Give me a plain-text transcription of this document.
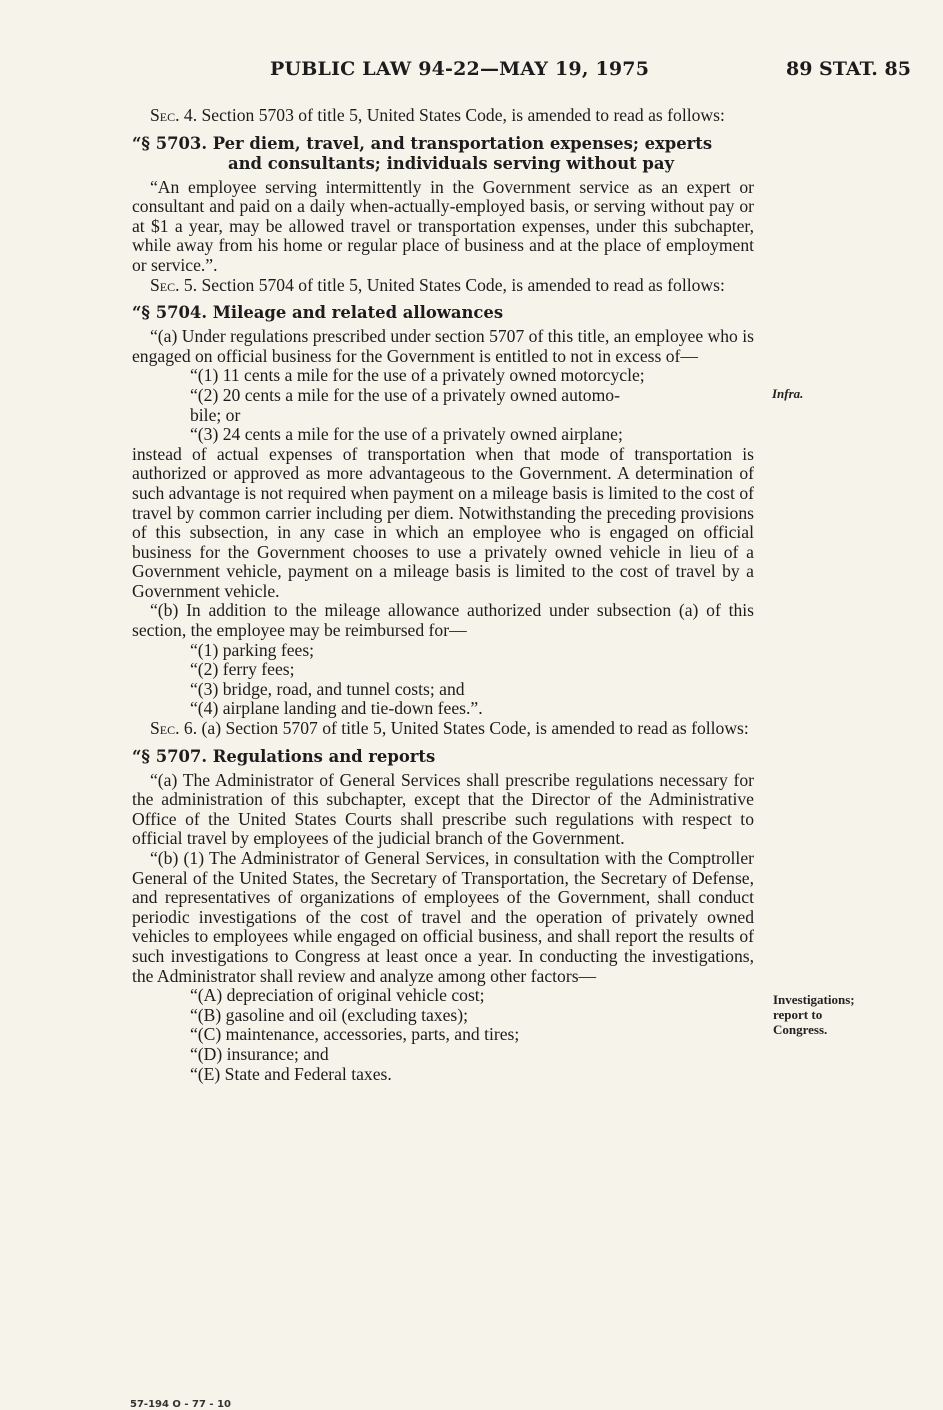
PUBLIC LAW 94-22—MAY 19, 1975	89 STAT. 85

Sec. 4. Section 5703 of title 5, United States Code, is amended to read as follows:

“§ 5703. Per diem, travel, and transportation expenses; experts
and consultants; individuals serving without pay

“An employee serving intermittently in the Government service as an expert or consultant and paid on a daily when-actually-employed basis, or serving without pay or at $1 a year, may be allowed travel or transportation expenses, under this subchapter, while away from his home or regular place of business and at the place of employment or service.”.

Sec. 5. Section 5704 of title 5, United States Code, is amended to read as follows:

“§ 5704. Mileage and related allowances

“(a) Under regulations prescribed under section 5707 of this title, an employee who is engaged on official business for the Government is entitled to not in excess of—

“(1) 11 cents a mile for the use of a privately owned motorcycle;

“(2) 20 cents a mile for the use of a privately owned automo-
bile; or

“(3) 24 cents a mile for the use of a privately owned airplane;

instead of actual expenses of transportation when that mode of transportation is authorized or approved as more advantageous to the Government. A determination of such advantage is not required when payment on a mileage basis is limited to the cost of travel by common carrier including per diem. Notwithstanding the preceding provisions of this subsection, in any case in which an employee who is engaged on official business for the Government chooses to use a privately owned vehicle in lieu of a Government vehicle, payment on a mileage basis is limited to the cost of travel by a Government vehicle.

“(b) In addition to the mileage allowance authorized under subsection (a) of this section, the employee may be reimbursed for—

“(1) parking fees;

“(2) ferry fees;

“(3) bridge, road, and tunnel costs; and

“(4) airplane landing and tie-down fees.”.

Sec. 6. (a) Section 5707 of title 5, United States Code, is amended to read as follows:

“§ 5707. Regulations and reports

“(a) The Administrator of General Services shall prescribe regulations necessary for the administration of this subchapter, except that the Director of the Administrative Office of the United States Courts shall prescribe such regulations with respect to official travel by employees of the judicial branch of the Government.

“(b) (1) The Administrator of General Services, in consultation with the Comptroller General of the United States, the Secretary of Transportation, the Secretary of Defense, and representatives of organizations of employees of the Government, shall conduct periodic investigations of the cost of travel and the operation of privately owned vehicles to employees while engaged on official business, and shall report the results of such investigations to Congress at least once a year. In conducting the investigations, the Administrator shall review and analyze among other factors—

“(A) depreciation of original vehicle cost;

“(B) gasoline and oil (excluding taxes);

“(C) maintenance, accessories, parts, and tires;

“(D) insurance; and

“(E) State and Federal taxes.

Infra.
Investigations;
report to
Congress.
57-194 O - 77 - 10
